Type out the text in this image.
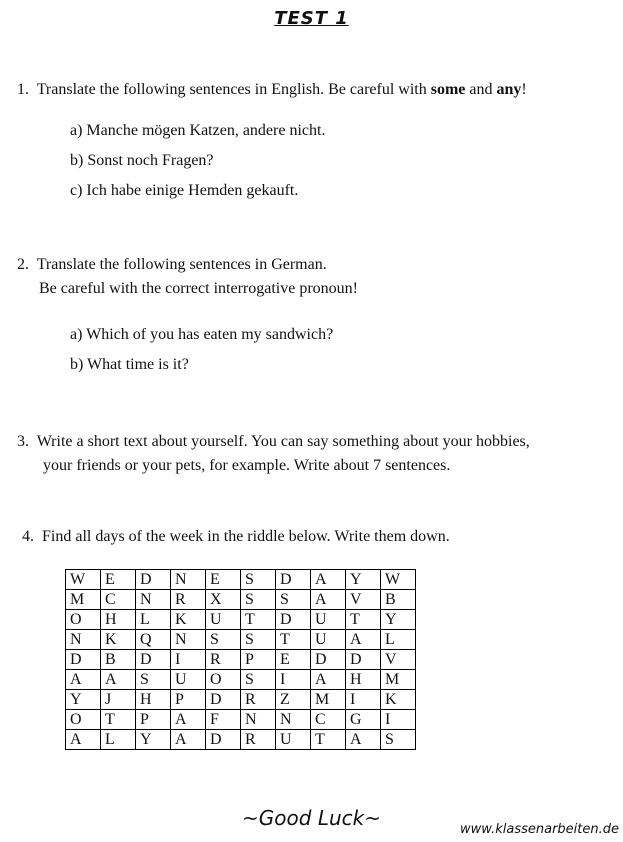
TEST 1
1. Translate the following sentences in English. Be careful with some and any!
a) Manche mögen Katzen, andere nicht.
b) Sonst noch Fragen?
c) Ich habe einige Hemden gekauft.
2. Translate the following sentences in German.
Be careful with the correct interrogative pronoun!
a) Which of you has eaten my sandwich?
b) What time is it?
3. Write a short text about yourself. You can say something about your hobbies,
your friends or your pets, for example. Write about 7 sentences.
4. Find all days of the week in the riddle below. Write them down.
W	E	D	N	E	S	D	A	Y	W
M	C	N	R	X	S	S	A	V	B
O	H	L	K	U	T	D	U	T	Y
N	K	Q	N	S	S	T	U	A	L
D	B	D	I	R	P	E	D	D	V
A	A	S	U	O	S	I	A	H	M
Y	J	H	P	D	R	Z	M	I	K
O	T	P	A	F	N	N	C	G	I
A	L	Y	A	D	R	U	T	A	S
~Good Luck~	www.klassenarbeiten.de
